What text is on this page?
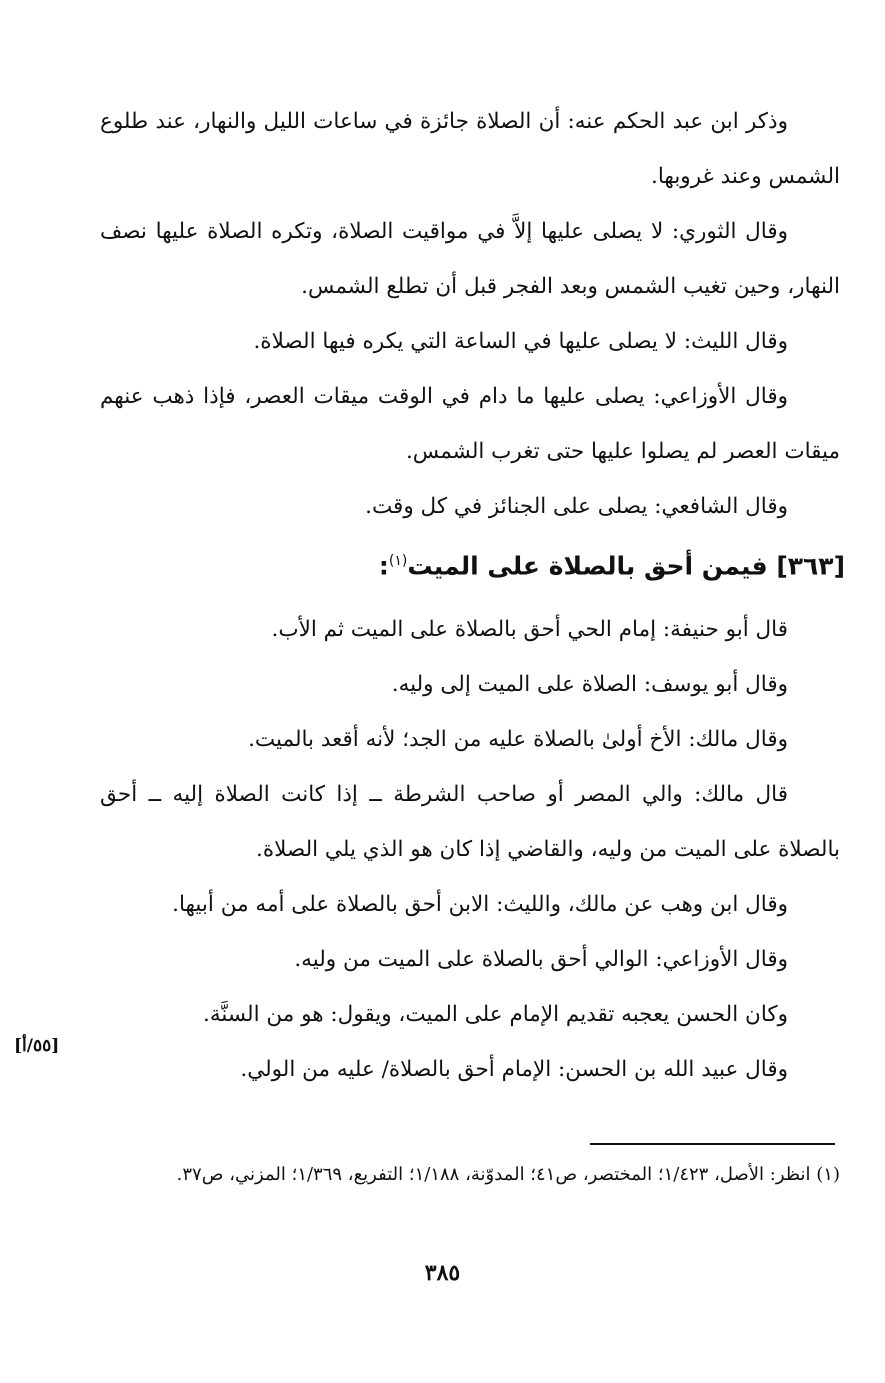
وذكر ابن عبد الحكم عنه: أن الصلاة جائزة في ساعات الليل والنهار، عند طلوع الشمس وعند غروبها.

وقال الثوري: لا يصلى عليها إلاَّ في مواقيت الصلاة، وتكره الصلاة عليها نصف النهار، وحين تغيب الشمس وبعد الفجر قبل أن تطلع الشمس.

وقال الليث: لا يصلى عليها في الساعة التي يكره فيها الصلاة.

وقال الأوزاعي: يصلى عليها ما دام في الوقت ميقات العصر، فإذا ذهب عنهم ميقات العصر لم يصلوا عليها حتى تغرب الشمس.

وقال الشافعي: يصلى على الجنائز في كل وقت.

[٣٦٣] فيمن أحق بالصلاة على الميت$^{(١)}$:

قال أبو حنيفة: إمام الحي أحق بالصلاة على الميت ثم الأب.

وقال أبو يوسف: الصلاة على الميت إلى وليه.

وقال مالك: الأخ أولىٰ بالصلاة عليه من الجد؛ لأنه أقعد بالميت.

قال مالك: والي المصر أو صاحب الشرطة ــ إذا كانت الصلاة إليه ــ أحق بالصلاة على الميت من وليه، والقاضي إذا كان هو الذي يلي الصلاة.

وقال ابن وهب عن مالك، والليث: الابن أحق بالصلاة على أمه من أبيها.

وقال الأوزاعي: الوالي أحق بالصلاة على الميت من وليه.

وكان الحسن يعجبه تقديم الإمام على الميت، ويقول: هو من السنَّة.

وقال عبيد الله بن الحسن: الإمام أحق بالصلاة/ عليه من الولي.

[٥٥/أ]

(١) انظر: الأصل، ١/٤٢٣؛ المختصر، ص٤١؛ المدوّنة، ١/١٨٨؛ التفريع، ١/٣٦٩؛ المزني، ص٣٧.

٣٨٥
